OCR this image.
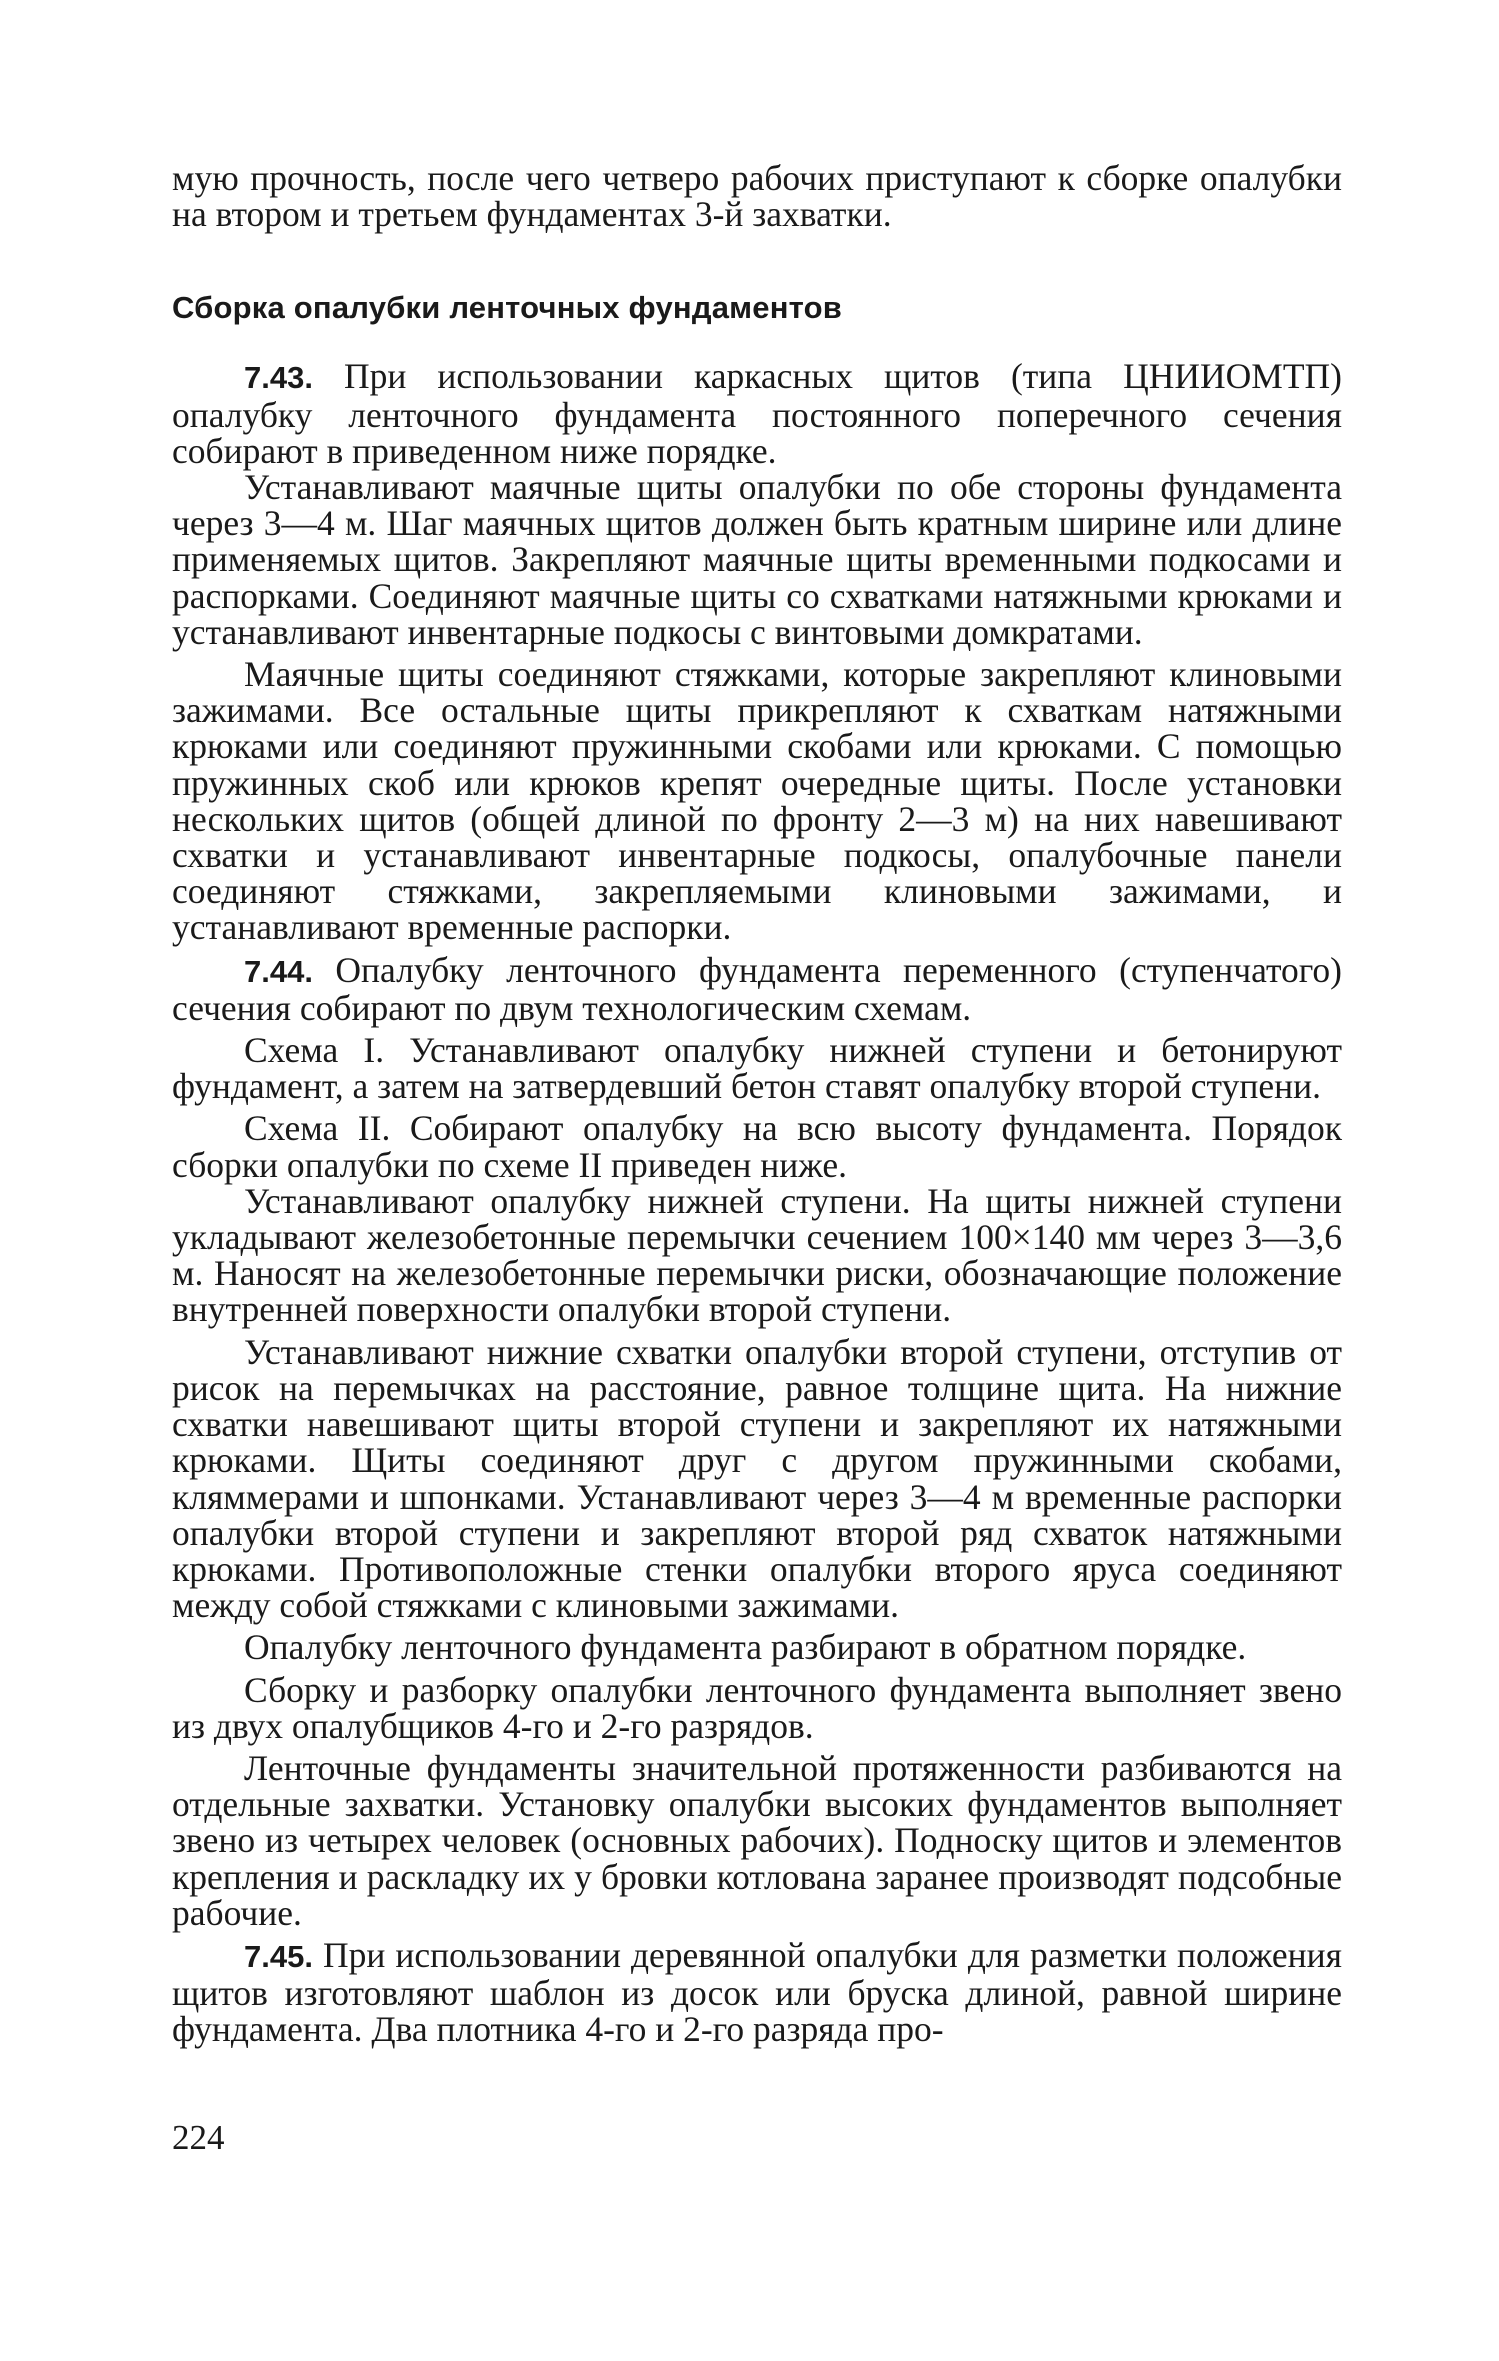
мую прочность, после чего четверо рабочих приступают к сборке опалубки на втором и третьем фундаментах 3-й захватки.

Сборка опалубки ленточных фундаментов

7.43. При использовании каркасных щитов (типа ЦНИИОМТП) опалубку ленточного фундамента постоянного поперечного сечения собирают в приведенном ниже порядке.

Устанавливают маячные щиты опалубки по обе стороны фундамента через 3—4 м. Шаг маячных щитов должен быть кратным ширине или длине применяемых щитов. Закрепляют маячные щиты временными подкосами и распорками. Соединяют маячные щиты со схватками натяжными крюками и устанавливают инвентарные подкосы с винтовыми домкратами.

Маячные щиты соединяют стяжками, которые закрепляют клиновыми зажимами. Все остальные щиты прикрепляют к схваткам натяжными крюками или соединяют пружинными скобами или крюками. С помощью пружинных скоб или крюков крепят очередные щиты. После установки нескольких щитов (общей длиной по фронту 2—3 м) на них навешивают схватки и устанавливают инвентарные подкосы, опалубочные панели соединяют стяжками, закрепляемыми клиновыми зажимами, и устанавливают временные распорки.

7.44. Опалубку ленточного фундамента переменного (ступенчатого) сечения собирают по двум технологическим схемам.

Схема I. Устанавливают опалубку нижней ступени и бетонируют фундамент, а затем на затвердевший бетон ставят опалубку второй ступени.

Схема II. Собирают опалубку на всю высоту фундамента. Порядок сборки опалубки по схеме II приведен ниже.

Устанавливают опалубку нижней ступени. На щиты нижней ступени укладывают железобетонные перемычки сечением 100×140 мм через 3—3,6 м. Наносят на железобетонные перемычки риски, обозначающие положение внутренней поверхности опалубки второй ступени.

Устанавливают нижние схватки опалубки второй ступени, отступив от рисок на перемычках на расстояние, равное толщине щита. На нижние схватки навешивают щиты второй ступени и закрепляют их натяжными крюками. Щиты соединяют друг с другом пружинными скобами, кляммерами и шпонками. Устанавливают через 3—4 м временные распорки опалубки второй ступени и закрепляют второй ряд схваток натяжными крюками. Противоположные стенки опалубки второго яруса соединяют между собой стяжками с клиновыми зажимами.

Опалубку ленточного фундамента разбирают в обратном порядке.

Сборку и разборку опалубки ленточного фундамента выполняет звено из двух опалубщиков 4-го и 2-го разрядов.

Ленточные фундаменты значительной протяженности разбиваются на отдельные захватки. Установку опалубки высоких фундаментов выполняет звено из четырех человек (основных рабочих). Подноску щитов и элементов крепления и раскладку их у бровки котлована заранее производят подсобные рабочие.

7.45. При использовании деревянной опалубки для разметки положения щитов изготовляют шаблон из досок или бруска длиной, равной ширине фундамента. Два плотника 4-го и 2-го разряда про-

224
